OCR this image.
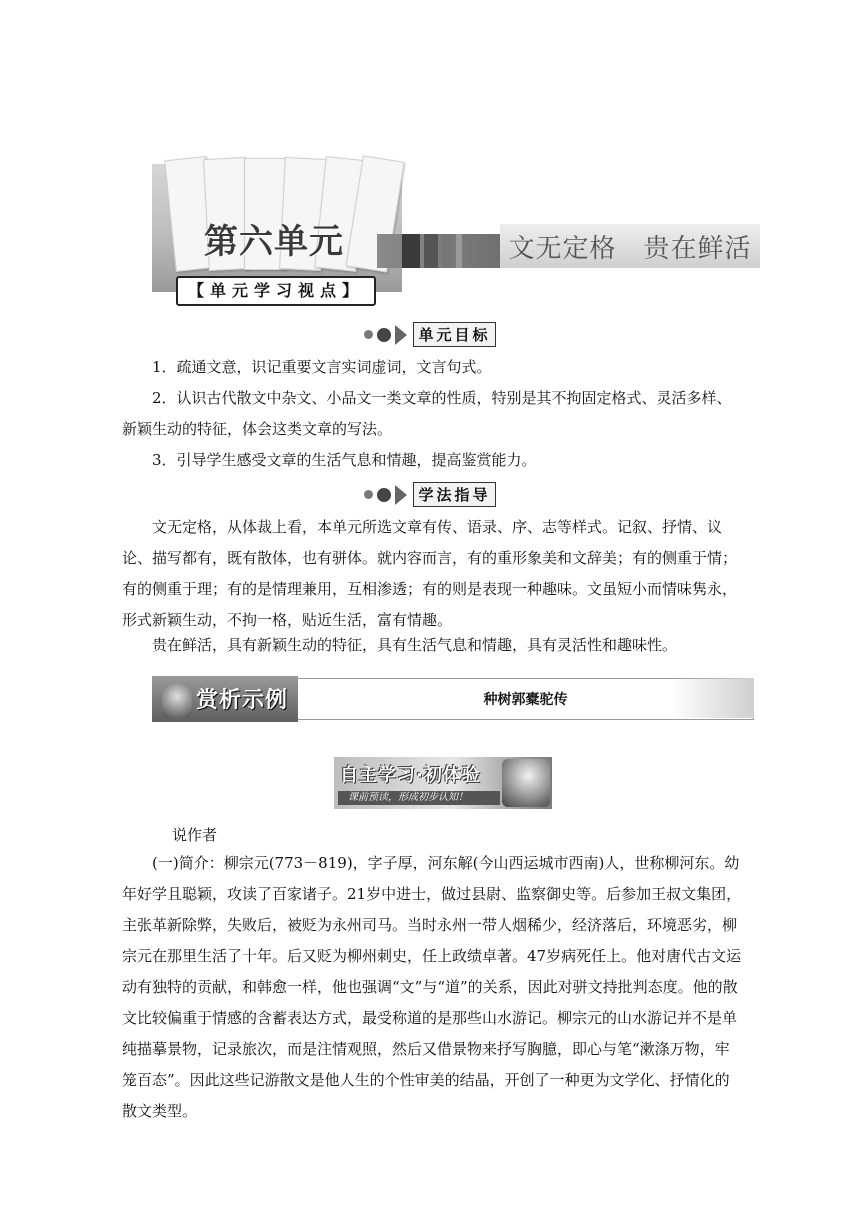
第六单元	文无定格　贵在鲜活
【单元学习视点】
单元目标

1．疏通文意，识记重要文言实词虚词，文言句式。

2．认识古代散文中杂文、小品文一类文章的性质，特别是其不拘固定格式、灵活多样、新颖生动的特征，体会这类文章的写法。

3．引导学生感受文章的生活气息和情趣，提高鉴赏能力。

学法指导

文无定格，从体裁上看，本单元所选文章有传、语录、序、志等样式。记叙、抒情、议论、描写都有，既有散体，也有骈体。就内容而言，有的重形象美和文辞美；有的侧重于情；有的侧重于理；有的是情理兼用，互相渗透；有的则是表现一种趣味。文虽短小而情味隽永，形式新颖生动，不拘一格，贴近生活，富有情趣。

贵在鲜活，具有新颖生动的特征，具有生活气息和情趣，具有灵活性和趣味性。

赏析示例	种树郭橐驼传
自主学习·初体验
课前预读，形成初步认知！

说作者

(一)简介：柳宗元(773－819)，字子厚，河东解(今山西运城市西南)人，世称柳河东。幼年好学且聪颖，攻读了百家诸子。21岁中进士，做过县尉、监察御史等。后参加王叔文集团，主张革新除弊，失败后，被贬为永州司马。当时永州一带人烟稀少，经济落后，环境恶劣，柳宗元在那里生活了十年。后又贬为柳州刺史，任上政绩卓著。47岁病死任上。他对唐代古文运动有独特的贡献，和韩愈一样，他也强调“文”与“道”的关系，因此对骈文持批判态度。他的散文比较偏重于情感的含蓄表达方式，最受称道的是那些山水游记。柳宗元的山水游记并不是单纯描摹景物，记录旅次，而是注情观照，然后又借景物来抒写胸臆，即心与笔“漱涤万物，牢笼百态”。因此这些记游散文是他人生的个性审美的结晶，开创了一种更为文学化、抒情化的散文类型。
